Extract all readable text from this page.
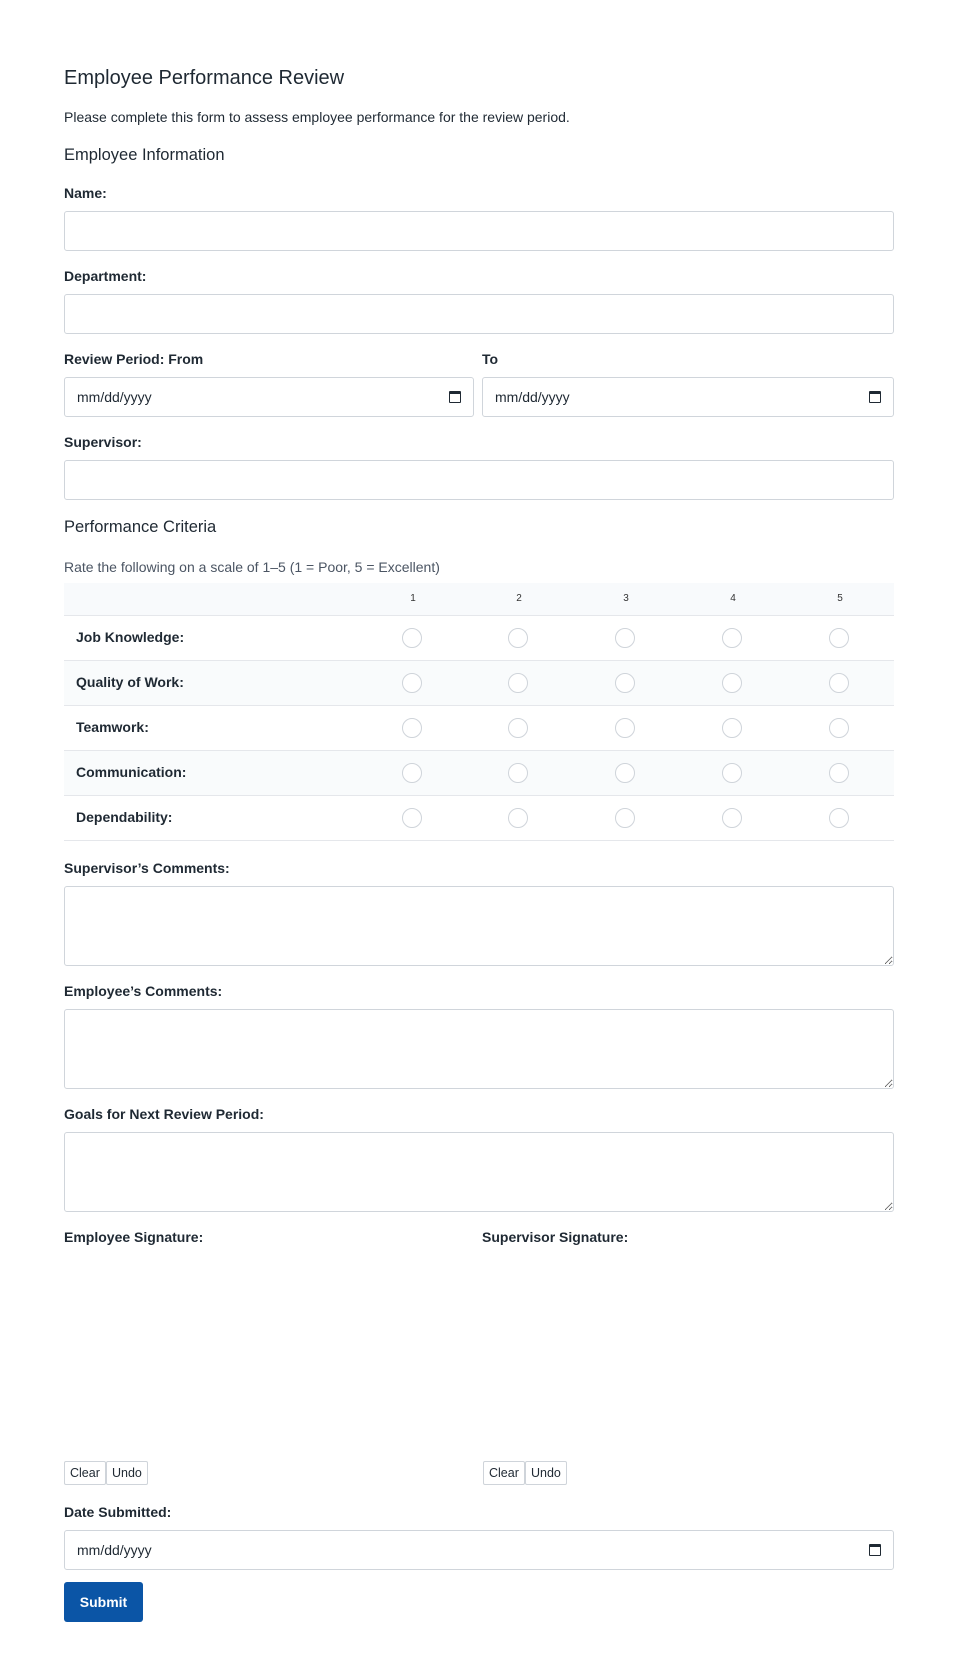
Employee Performance Review
Please complete this form to assess employee performance for the review period.
Employee Information
Name:
Department:
Review Period: From
mm/dd/yyyy
To
mm/dd/yyyy
Supervisor:
Performance Criteria
Rate the following on a scale of 1–5 (1 = Poor, 5 = Excellent)
1	2	3	4	5
Job Knowledge:
Quality of Work:
Teamwork:
Communication:
Dependability:
Supervisor’s Comments:
Employee’s Comments:
Goals for Next Review Period:
Employee Signature:
Clear Undo
Supervisor Signature:
Clear Undo
Date Submitted:
mm/dd/yyyy
Submit
